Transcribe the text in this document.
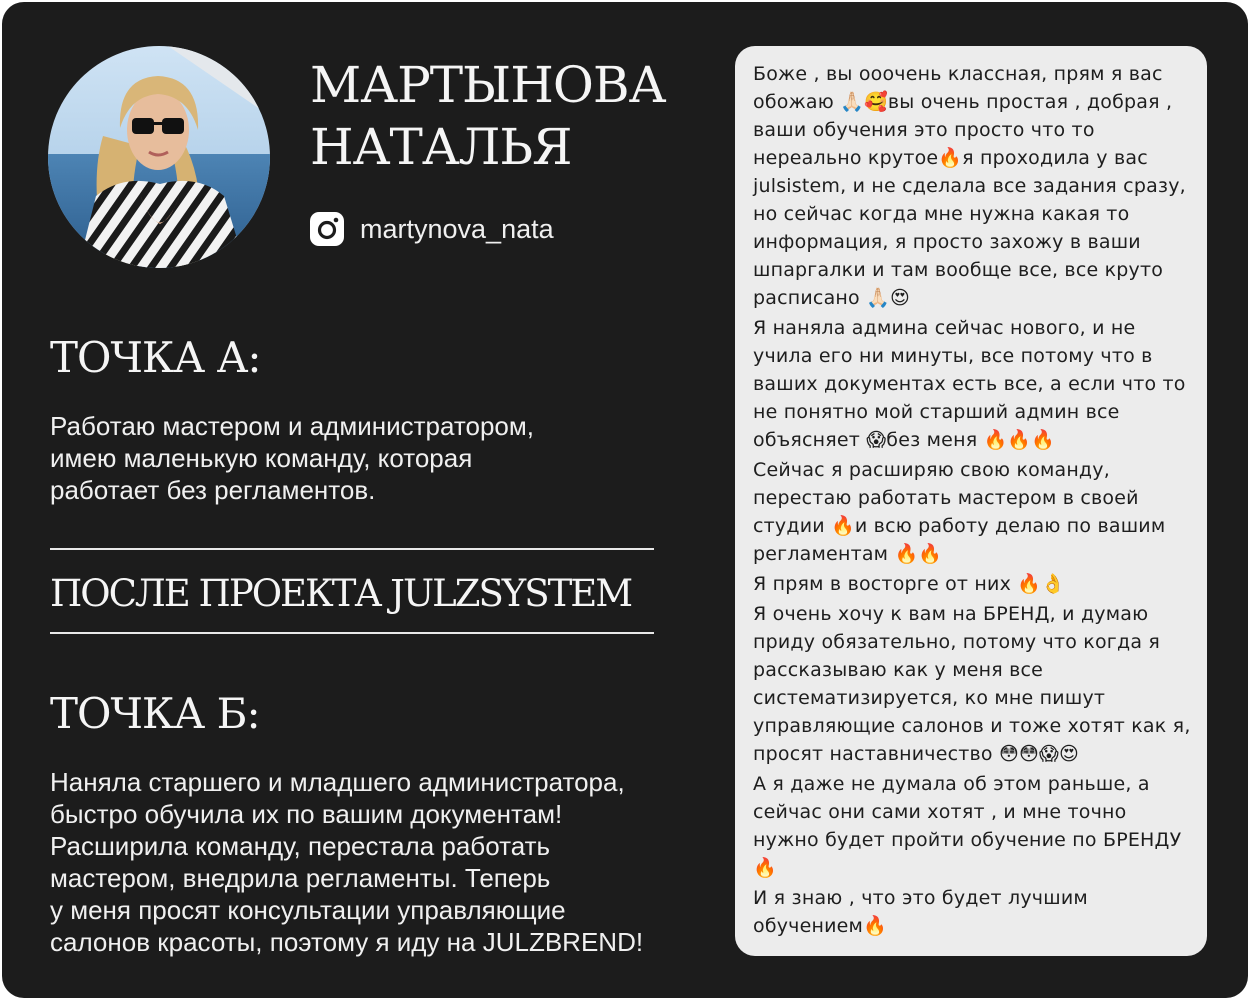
МАРТЫНОВА
НАТАЛЬЯ
martynova_nata
ТОЧКА А:

Работаю мастером и администратором,
имею маленькую команду, которая
работает без регламентов.

ПОСЛЕ ПРОЕКТА JULZSYSTEM
ТОЧКА Б:

Наняла старшего и младшего администратора,
быстро обучила их по вашим документам!
Расширила команду, перестала работать
мастером, внедрила регламенты. Теперь
у меня просят консультации управляющие
салонов красоты, поэтому я иду на JULZBREND!

Боже , вы ооочень классная, прям я вас обожаю 🙏🏻🥰вы очень простая , добрая , ваши обучения это просто что то нереально крутое🔥я проходила у вас julsistem, и не сделала все задания сразу, но сейчас когда мне нужна какая то информация, я просто захожу в ваши шпаргалки и там вообще все, все круто расписано 🙏🏻😍

Я наняла админа сейчас нового, и не учила его ни минуты, все потому что в ваших документах есть все, а если что то не понятно мой старший админ все объясняет 😱без меня 🔥🔥🔥

Сейчас я расширяю свою команду, перестаю работать мастером в своей студии 🔥и всю работу делаю по вашим регламентам 🔥🔥

Я прям в восторге от них 🔥👌

Я очень хочу к вам на БРЕНД, и думаю приду обязательно, потому что когда я рассказываю как у меня все систематизируется, ко мне пишут управляющие салонов и тоже хотят как я, просят наставничество 😳😳😱😍

А я даже не думала об этом раньше, а сейчас они сами хотят , и мне точно нужно будет пройти обучение по БРЕНДУ 🔥

И я знаю , что это будет лучшим обучением🔥
